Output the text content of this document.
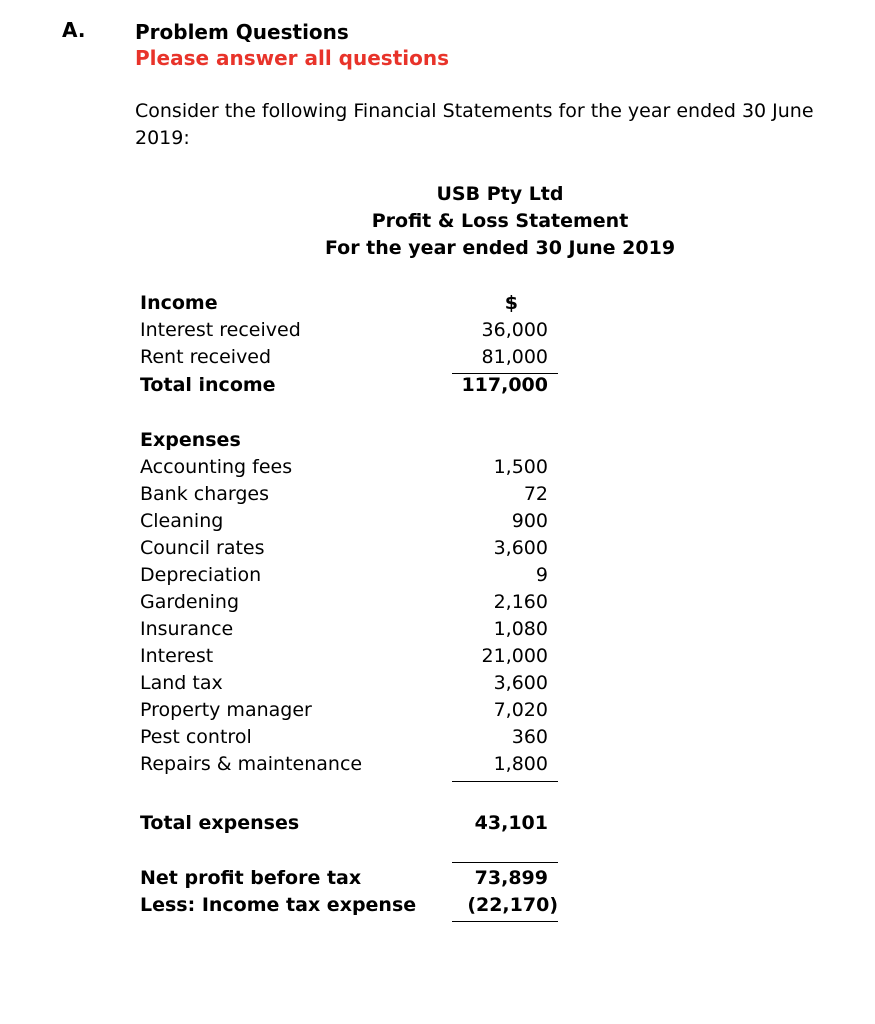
A. Problem Questions
Please answer all questions
Consider the following Financial Statements for the year ended 30 June 2019:
USB Pty Ltd
Profit & Loss Statement
For the year ended 30 June 2019
Income	$
Interest received	36,000
Rent received	81,000
Total income	117,000
Expenses
Accounting fees	1,500
Bank charges	72
Cleaning	900
Council rates	3,600
Depreciation	9
Gardening	2,160
Insurance	1,080
Interest	21,000
Land tax	3,600
Property manager	7,020
Pest control	360
Repairs & maintenance	1,800
Total expenses	43,101
Net profit before tax	73,899
Less: Income tax expense	(22,170)
